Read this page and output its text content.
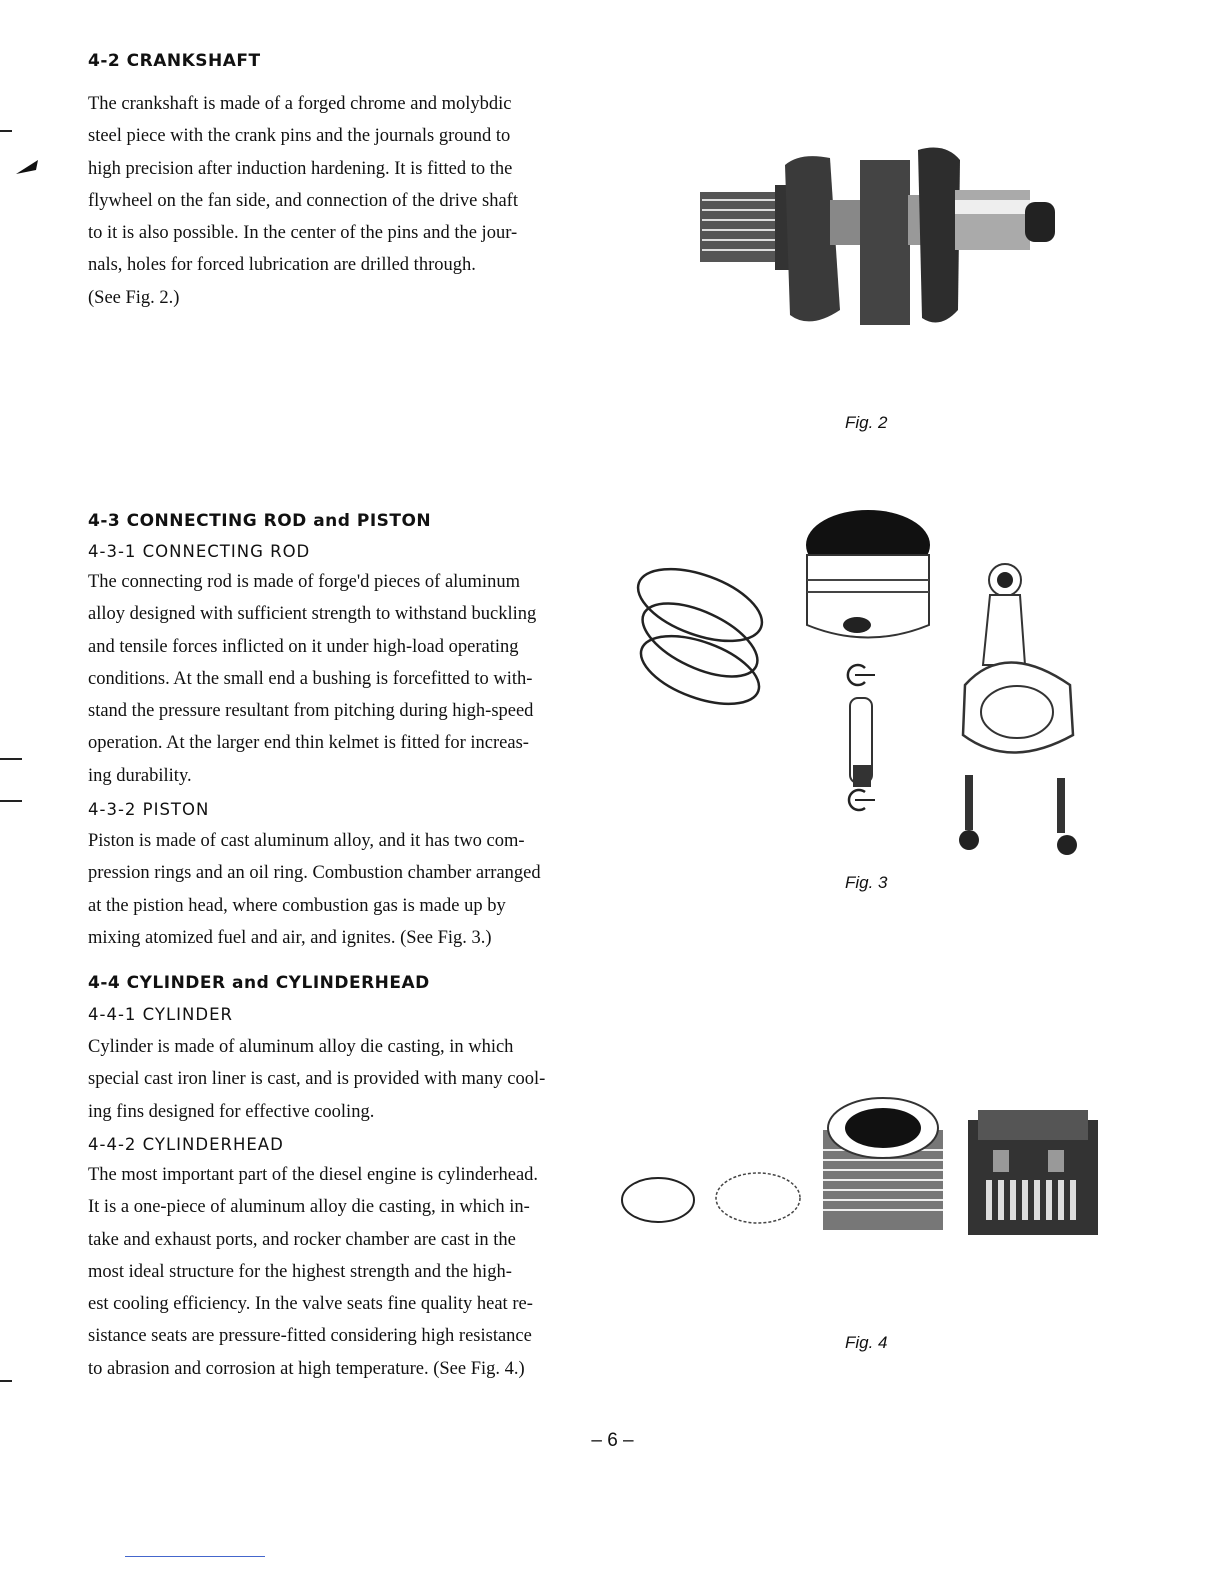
4-2 CRANKSHAFT
The crankshaft is made of a forged chrome and molybdic
steel piece with the crank pins and the journals ground to
high precision after induction hardening. It is fitted to the
flywheel on the fan side, and connection of the drive shaft
to it is also possible. In the center of the pins and the jour-
nals, holes for forced lubrication are drilled through.
(See Fig. 2.)
Fig. 2
4-3 CONNECTING ROD and PISTON
4-3-1 CONNECTING ROD
The connecting rod is made of forge'd pieces of aluminum
alloy designed with sufficient strength to withstand buckling
and tensile forces inflicted on it under high-load operating
conditions. At the small end a bushing is forcefitted to with-
stand the pressure resultant from pitching during high-speed
operation. At the larger end thin kelmet is fitted for increas-
ing durability.
4-3-2 PISTON
Piston is made of cast aluminum alloy, and it has two com-
pression rings and an oil ring. Combustion chamber arranged
at the pistion head, where combustion gas is made up by
mixing atomized fuel and air, and ignites. (See Fig. 3.)
Fig. 3
4-4 CYLINDER and CYLINDERHEAD
4-4-1 CYLINDER
Cylinder is made of aluminum alloy die casting, in which
special cast iron liner is cast, and is provided with many cool-
ing fins designed for effective cooling.
4-4-2 CYLINDERHEAD
The most important part of the diesel engine is cylinderhead.
It is a one-piece of aluminum alloy die casting, in which in-
take and exhaust ports, and rocker chamber are cast in the
most ideal structure for the highest strength and the high-
est cooling efficiency. In the valve seats fine quality heat re-
sistance seats are pressure-fitted considering high resistance
to abrasion and corrosion at high temperature. (See Fig. 4.)
Fig. 4
– 6 –
